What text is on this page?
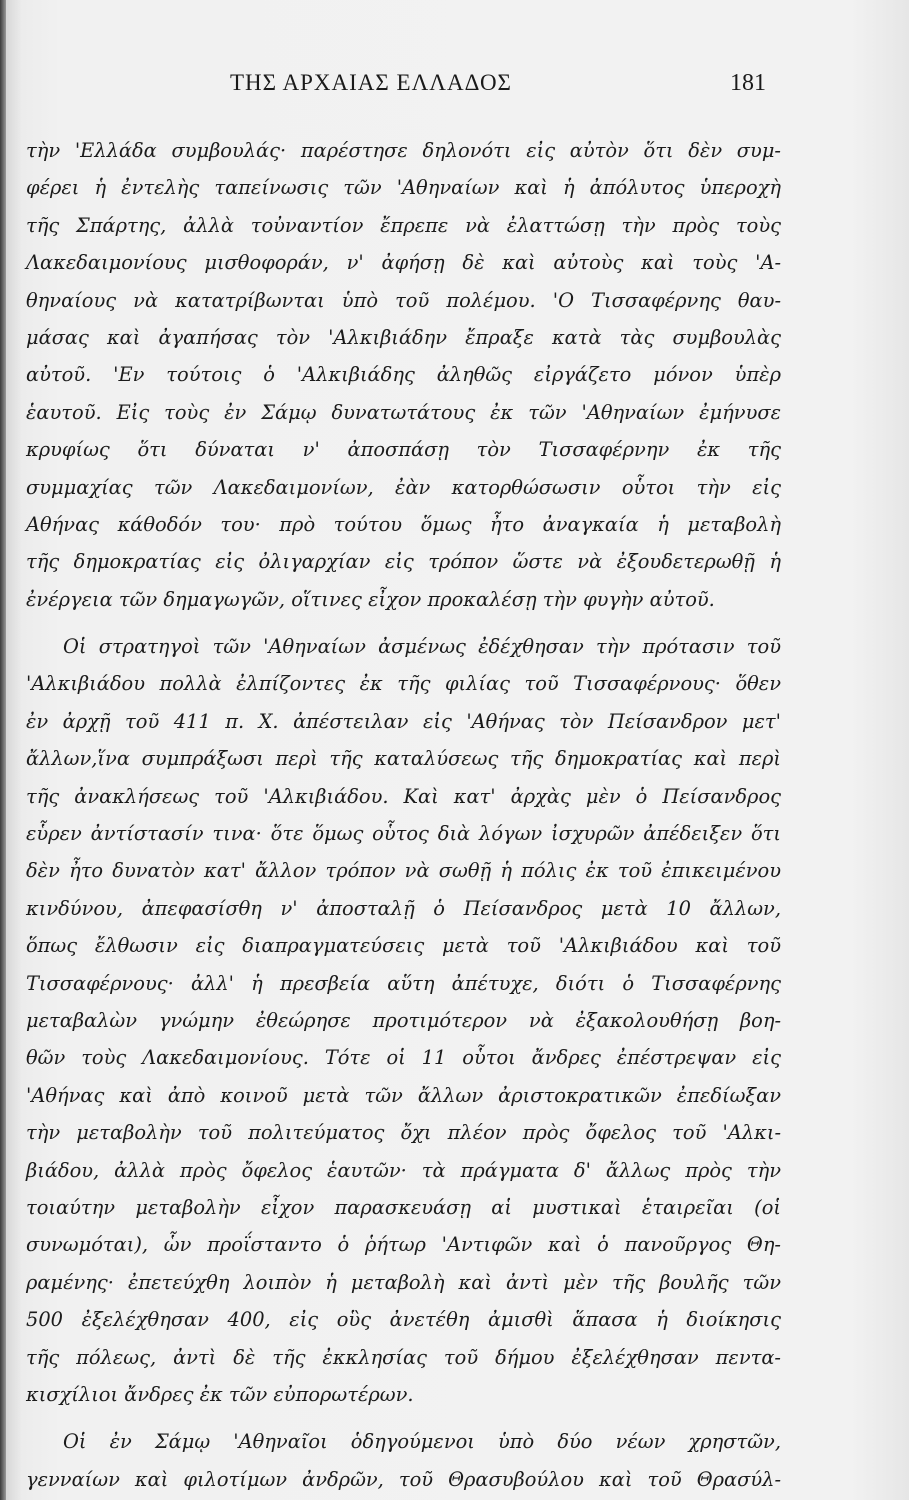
ΤΗΣ ΑΡΧΑΙΑΣ ΕΛΛΑΔΟΣ	181
τὴν 'Ελλάδα συμβουλάς· παρέστησε δηλονότι εἰς αὐτὸν ὅτι δὲν συμ-
φέρει ἡ ἐντελὴς ταπείνωσις τῶν 'Αθηναίων καὶ ἡ ἀπόλυτος ὑπεροχὴ
τῆς Σπάρτης, ἀλλὰ τοὐναντίον ἔπρεπε νὰ ἐλαττώσῃ τὴν πρὸς τοὺς
Λακεδαιμονίους μισθοφοράν, ν' ἀφήσῃ δὲ καὶ αὐτοὺς καὶ τοὺς 'Α-
θηναίους νὰ κατατρίβωνται ὑπὸ τοῦ πολέμου. 'Ο Τισσαφέρνης θαυ-
μάσας καὶ ἀγαπήσας τὸν 'Αλκιβιάδην ἔπραξε κατὰ τὰς συμβουλὰς
αὐτοῦ. 'Εν τούτοις ὁ 'Αλκιβιάδης ἀληθῶς εἰργάζετο μόνον ὑπὲρ
ἑαυτοῦ. Εἰς τοὺς ἐν Σάμῳ δυνατωτάτους ἐκ τῶν 'Αθηναίων ἐμήνυσε
κρυφίως ὅτι δύναται ν' ἀποσπάσῃ τὸν Τισσαφέρνην ἐκ τῆς
συμμαχίας τῶν Λακεδαιμονίων, ἐὰν κατορθώσωσιν οὗτοι τὴν εἰς
Αθήνας κάθοδόν του· πρὸ τούτου ὅμως ἦτο ἀναγκαία ἡ μεταβολὴ
τῆς δημοκρατίας εἰς ὀλιγαρχίαν εἰς τρόπον ὥστε νὰ ἐξουδετερωθῇ ἡ
ἐνέργεια τῶν δημαγωγῶν, οἵτινες εἶχον προκαλέσῃ τὴν φυγὴν αὐτοῦ.
Οἱ στρατηγοὶ τῶν 'Αθηναίων ἀσμένως ἐδέχθησαν τὴν πρότασιν τοῦ
'Αλκιβιάδου πολλὰ ἐλπίζοντες ἐκ τῆς φιλίας τοῦ Τισσαφέρνους· ὅθεν
ἐν ἀρχῇ τοῦ 411 π. Χ. ἀπέστειλαν εἰς 'Αθήνας τὸν Πείσανδρον μετ'
ἄλλων,ἵνα συμπράξωσι περὶ τῆς καταλύσεως τῆς δημοκρατίας καὶ περὶ
τῆς ἀνακλήσεως τοῦ 'Αλκιβιάδου. Καὶ κατ' ἀρχὰς μὲν ὁ Πείσανδρος
εὗρεν ἀντίστασίν τινα· ὅτε ὅμως οὗτος διὰ λόγων ἰσχυρῶν ἀπέδειξεν ὅτι
δὲν ἦτο δυνατὸν κατ' ἄλλον τρόπον νὰ σωθῇ ἡ πόλις ἐκ τοῦ ἐπικειμένου
κινδύνου, ἀπεφασίσθη ν' ἀποσταλῇ ὁ Πείσανδρος μετὰ 10 ἄλλων,
ὅπως ἔλθωσιν εἰς διαπραγματεύσεις μετὰ τοῦ 'Αλκιβιάδου καὶ τοῦ
Τισσαφέρνους· ἀλλ' ἡ πρεσβεία αὕτη ἀπέτυχε, διότι ὁ Τισσαφέρνης
μεταβαλὼν γνώμην ἐθεώρησε προτιμότερον νὰ ἐξακολουθήσῃ βοη-
θῶν τοὺς Λακεδαιμονίους. Τότε οἱ 11 οὗτοι ἄνδρες ἐπέστρεψαν εἰς
'Αθήνας καὶ ἀπὸ κοινοῦ μετὰ τῶν ἄλλων ἀριστοκρατικῶν ἐπεδίωξαν
τὴν μεταβολὴν τοῦ πολιτεύματος ὄχι πλέον πρὸς ὄφελος τοῦ 'Αλκι-
βιάδου, ἀλλὰ πρὸς ὄφελος ἑαυτῶν· τὰ πράγματα δ' ἄλλως πρὸς τὴν
τοιαύτην μεταβολὴν εἶχον παρασκευάσῃ αἱ μυστικαὶ ἑταιρεῖαι (οἱ
συνωμόται), ὧν προΐσταντο ὁ ῥήτωρ 'Αντιφῶν καὶ ὁ πανοῦργος Θη-
ραμένης· ἐπετεύχθη λοιπὸν ἡ μεταβολὴ καὶ ἀντὶ μὲν τῆς βουλῆς τῶν
500 ἐξελέχθησαν 400, εἰς οὓς ἀνετέθη ἀμισθὶ ἅπασα ἡ διοίκησις
τῆς πόλεως, ἀντὶ δὲ τῆς ἐκκλησίας τοῦ δήμου ἐξελέχθησαν πεντα-
κισχίλιοι ἄνδρες ἐκ τῶν εὐπορωτέρων.
Οἱ ἐν Σάμῳ 'Αθηναῖοι ὁδηγούμενοι ὑπὸ δύο νέων χρηστῶν,
γενναίων καὶ φιλοτίμων ἀνδρῶν, τοῦ Θρασυβούλου καὶ τοῦ Θρασύλ-
